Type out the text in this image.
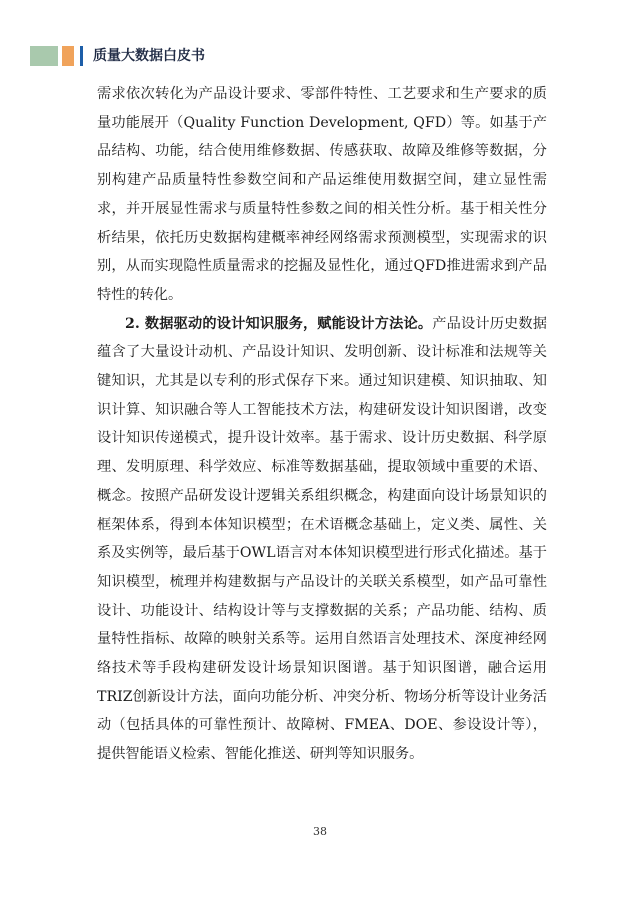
质量大数据白皮书

需求依次转化为产品设计要求、零部件特性、工艺要求和生产要求的质量功能展开（Quality Function Development, QFD）等。如基于产品结构、功能，结合使用维修数据、传感获取、故障及维修等数据，分别构建产品质量特性参数空间和产品运维使用数据空间，建立显性需求，并开展显性需求与质量特性参数之间的相关性分析。基于相关性分析结果，依托历史数据构建概率神经网络需求预测模型，实现需求的识别，从而实现隐性质量需求的挖掘及显性化，通过QFD推进需求到产品特性的转化。

2. 数据驱动的设计知识服务，赋能设计方法论。产品设计历史数据蕴含了大量设计动机、产品设计知识、发明创新、设计标准和法规等关键知识，尤其是以专利的形式保存下来。通过知识建模、知识抽取、知识计算、知识融合等人工智能技术方法，构建研发设计知识图谱，改变设计知识传递模式，提升设计效率。基于需求、设计历史数据、科学原理、发明原理、科学效应、标准等数据基础，提取领域中重要的术语、概念。按照产品研发设计逻辑关系组织概念，构建面向设计场景知识的框架体系，得到本体知识模型；在术语概念基础上，定义类、属性、关系及实例等，最后基于OWL语言对本体知识模型进行形式化描述。基于知识模型，梳理并构建数据与产品设计的关联关系模型，如产品可靠性设计、功能设计、结构设计等与支撑数据的关系；产品功能、结构、质量特性指标、故障的映射关系等。运用自然语言处理技术、深度神经网络技术等手段构建研发设计场景知识图谱。基于知识图谱，融合运用TRIZ创新设计方法，面向功能分析、冲突分析、物场分析等设计业务活动（包括具体的可靠性预计、故障树、FMEA、DOE、参设设计等），提供智能语义检索、智能化推送、研判等知识服务。

38
